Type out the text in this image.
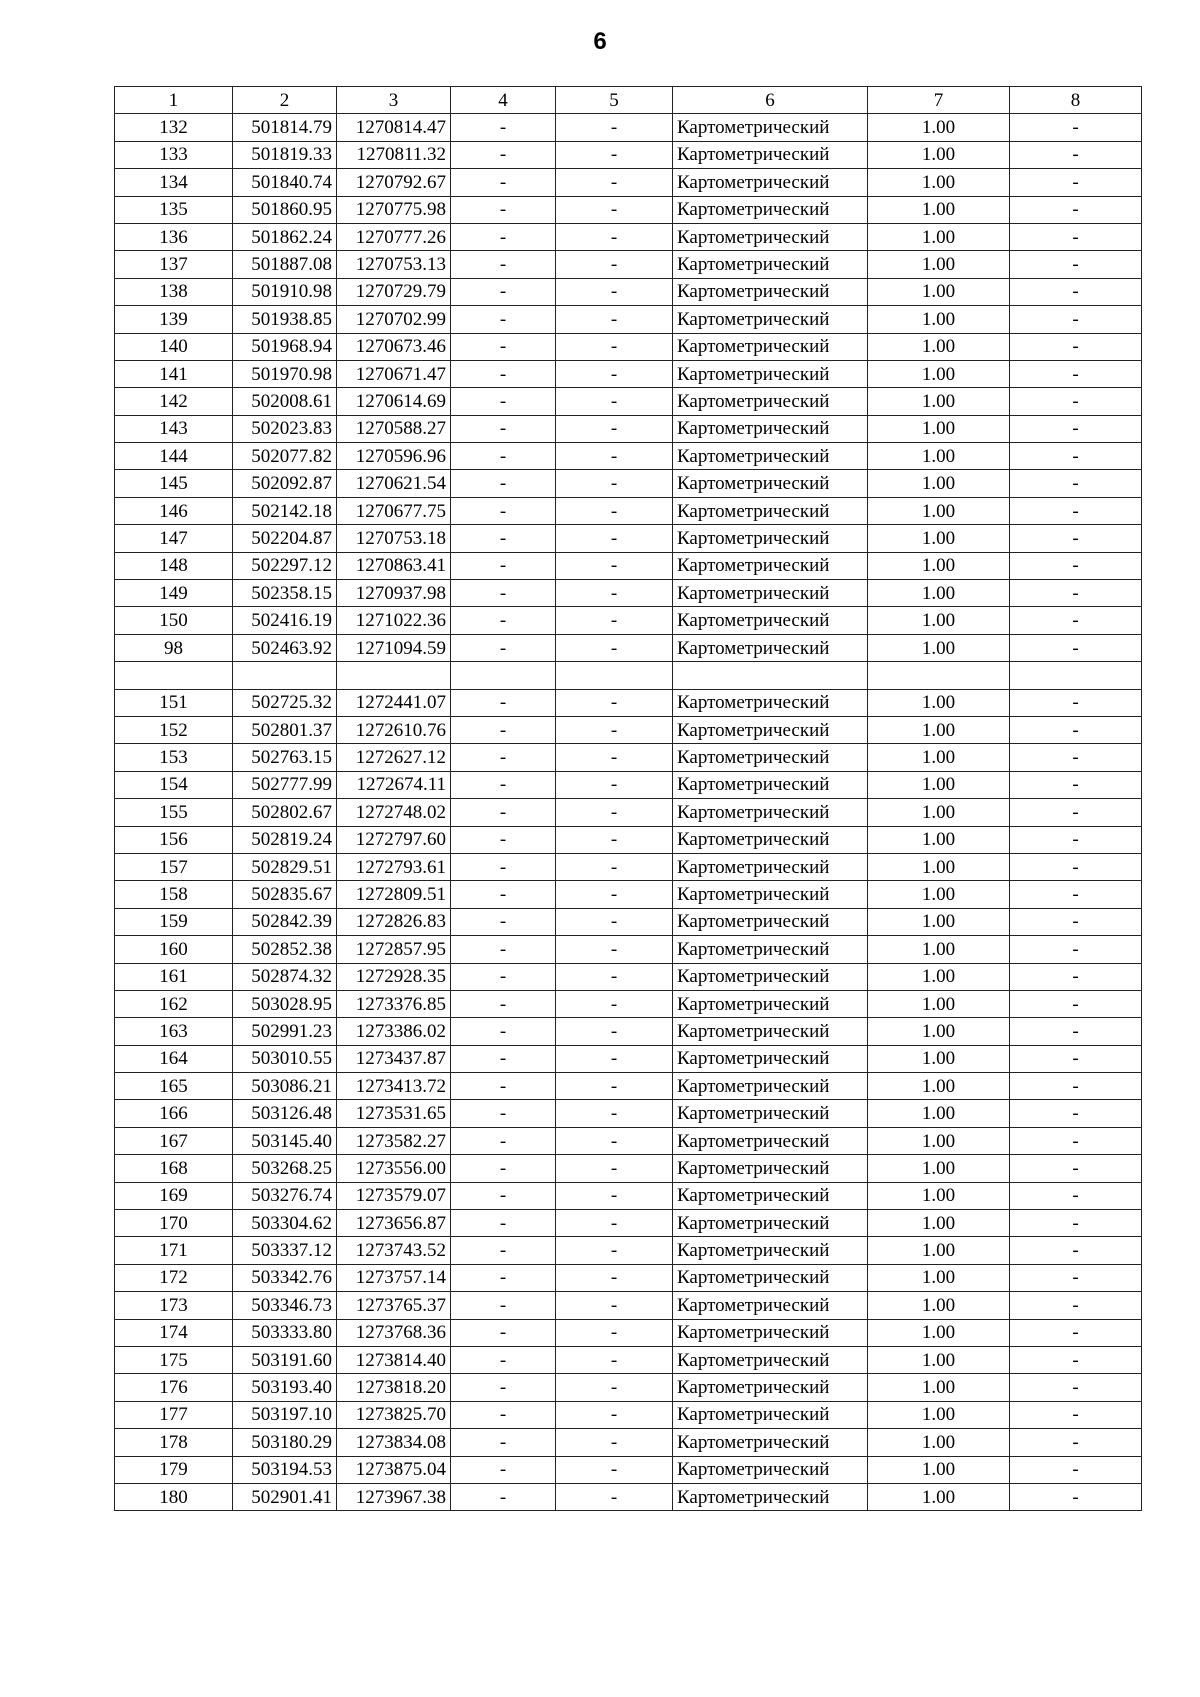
6
1	2	3	4	5	6	7	8
132	501814.79	1270814.47	-	-	Картометрический	1.00	-
133	501819.33	1270811.32	-	-	Картометрический	1.00	-
134	501840.74	1270792.67	-	-	Картометрический	1.00	-
135	501860.95	1270775.98	-	-	Картометрический	1.00	-
136	501862.24	1270777.26	-	-	Картометрический	1.00	-
137	501887.08	1270753.13	-	-	Картометрический	1.00	-
138	501910.98	1270729.79	-	-	Картометрический	1.00	-
139	501938.85	1270702.99	-	-	Картометрический	1.00	-
140	501968.94	1270673.46	-	-	Картометрический	1.00	-
141	501970.98	1270671.47	-	-	Картометрический	1.00	-
142	502008.61	1270614.69	-	-	Картометрический	1.00	-
143	502023.83	1270588.27	-	-	Картометрический	1.00	-
144	502077.82	1270596.96	-	-	Картометрический	1.00	-
145	502092.87	1270621.54	-	-	Картометрический	1.00	-
146	502142.18	1270677.75	-	-	Картометрический	1.00	-
147	502204.87	1270753.18	-	-	Картометрический	1.00	-
148	502297.12	1270863.41	-	-	Картометрический	1.00	-
149	502358.15	1270937.98	-	-	Картометрический	1.00	-
150	502416.19	1271022.36	-	-	Картометрический	1.00	-
98	502463.92	1271094.59	-	-	Картометрический	1.00	-

151	502725.32	1272441.07	-	-	Картометрический	1.00	-
152	502801.37	1272610.76	-	-	Картометрический	1.00	-
153	502763.15	1272627.12	-	-	Картометрический	1.00	-
154	502777.99	1272674.11	-	-	Картометрический	1.00	-
155	502802.67	1272748.02	-	-	Картометрический	1.00	-
156	502819.24	1272797.60	-	-	Картометрический	1.00	-
157	502829.51	1272793.61	-	-	Картометрический	1.00	-
158	502835.67	1272809.51	-	-	Картометрический	1.00	-
159	502842.39	1272826.83	-	-	Картометрический	1.00	-
160	502852.38	1272857.95	-	-	Картометрический	1.00	-
161	502874.32	1272928.35	-	-	Картометрический	1.00	-
162	503028.95	1273376.85	-	-	Картометрический	1.00	-
163	502991.23	1273386.02	-	-	Картометрический	1.00	-
164	503010.55	1273437.87	-	-	Картометрический	1.00	-
165	503086.21	1273413.72	-	-	Картометрический	1.00	-
166	503126.48	1273531.65	-	-	Картометрический	1.00	-
167	503145.40	1273582.27	-	-	Картометрический	1.00	-
168	503268.25	1273556.00	-	-	Картометрический	1.00	-
169	503276.74	1273579.07	-	-	Картометрический	1.00	-
170	503304.62	1273656.87	-	-	Картометрический	1.00	-
171	503337.12	1273743.52	-	-	Картометрический	1.00	-
172	503342.76	1273757.14	-	-	Картометрический	1.00	-
173	503346.73	1273765.37	-	-	Картометрический	1.00	-
174	503333.80	1273768.36	-	-	Картометрический	1.00	-
175	503191.60	1273814.40	-	-	Картометрический	1.00	-
176	503193.40	1273818.20	-	-	Картометрический	1.00	-
177	503197.10	1273825.70	-	-	Картометрический	1.00	-
178	503180.29	1273834.08	-	-	Картометрический	1.00	-
179	503194.53	1273875.04	-	-	Картометрический	1.00	-
180	502901.41	1273967.38	-	-	Картометрический	1.00	-
